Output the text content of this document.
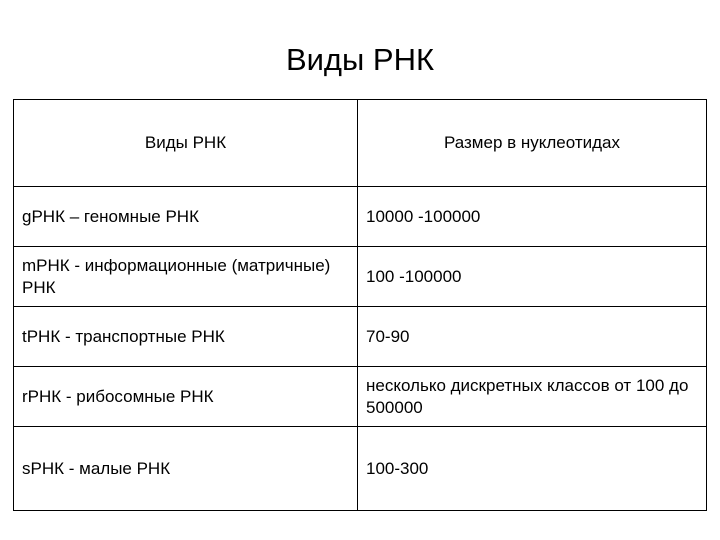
Виды РНК
Виды РНК	Размер в нуклеотидах
gРНК – геномные РНК	10000 -100000
mРНК - информационные (матричные) РНК	100 -100000
tРНК - транспортные РНК	70-90
rРНК - рибосомные РНК	несколько дискретных классов от 100 до 500000
sРНК - малые РНК	100-300
